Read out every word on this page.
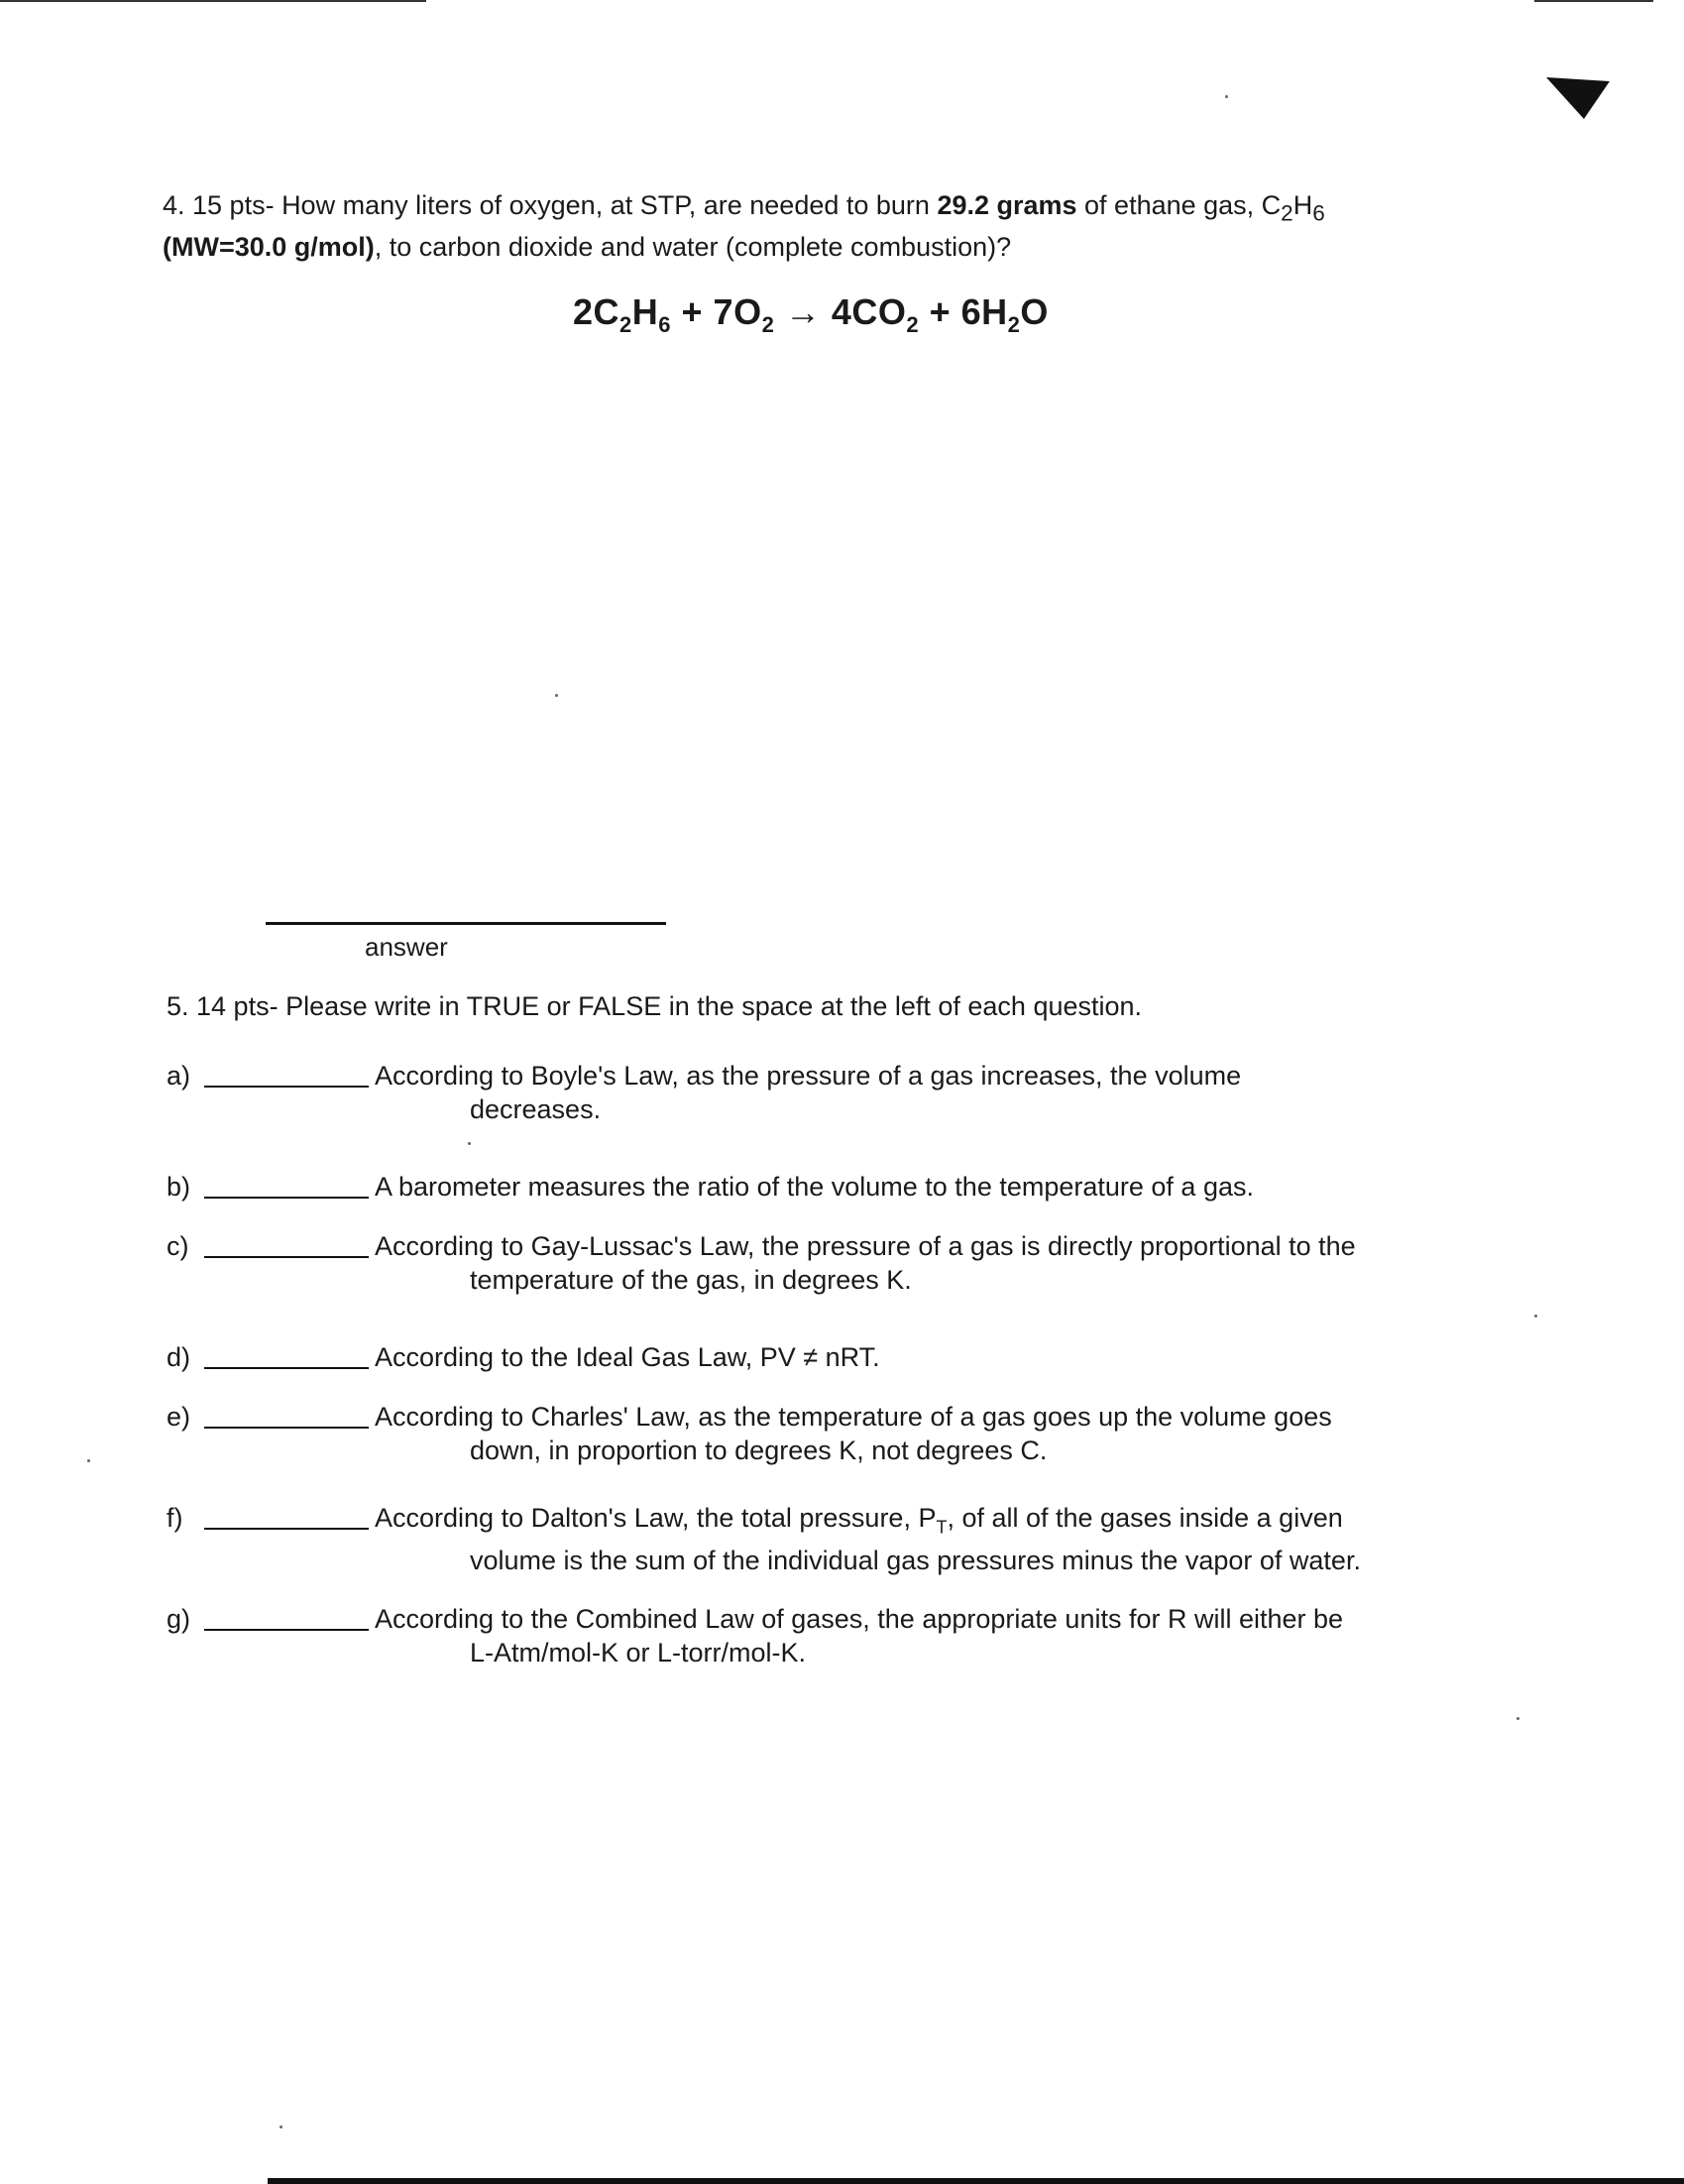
4. 15 pts- How many liters of oxygen, at STP, are needed to burn 29.2 grams of ethane gas, $C_2H_6$

(MW=30.0 g/mol), to carbon dioxide and water (complete combustion)?

$2C_2H_6 + 7O_2 \to 4CO_2 + 6H_2O$
answer
5. 14 pts- Please write in TRUE or FALSE in the space at the left of each question.
a)	According to Boyle's Law, as the pressure of a gas increases, the volume
decreases.
b)	A barometer measures the ratio of the volume to the temperature of a gas.
c)	According to Gay-Lussac's Law, the pressure of a gas is directly proportional to the
temperature of the gas, in degrees K.
d)	According to the Ideal Gas Law, PV ≠ nRT.
e)	According to Charles' Law, as the temperature of a gas goes up the volume goes
down, in proportion to degrees K, not degrees C.
f)	According to Dalton's Law, the total pressure, $P_T$, of all of the gases inside a given
volume is the sum of the individual gas pressures minus the vapor of water.
g)	According to the Combined Law of gases, the appropriate units for R will either be
L-Atm/mol-K or L-torr/mol-K.
